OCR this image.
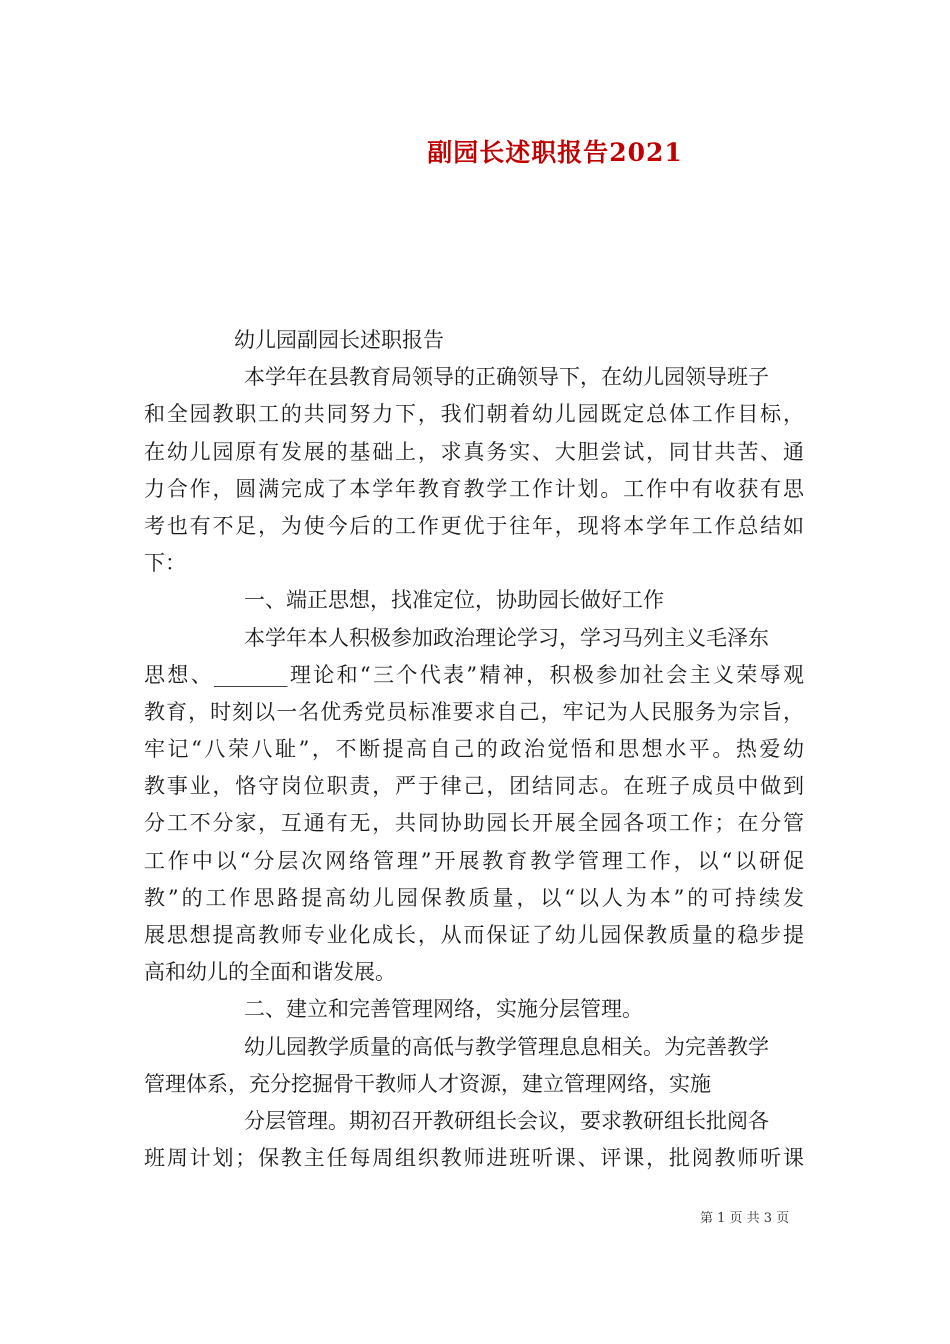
副园长述职报告2021
幼儿园副园长述职报告
本学年在县教育局领导的正确领导下，在幼儿园领导班子
和全园教职工的共同努力下，我们朝着幼儿园既定总体工作目标，
在幼儿园原有发展的基础上，求真务实、大胆尝试，同甘共苦、通
力合作，圆满完成了本学年教育教学工作计划。工作中有收获有思
考也有不足，为使今后的工作更优于往年，现将本学年工作总结如
下：
一、端正思想，找准定位，协助园长做好工作
本学年本人积极参加政治理论学习，学习马列主义毛泽东
思想、_______理论和“三个代表”精神，积极参加社会主义荣辱观
教育，时刻以一名优秀党员标准要求自己，牢记为人民服务为宗旨，
牢记“八荣八耻”，不断提高自己的政治觉悟和思想水平。热爱幼
教事业，恪守岗位职责，严于律己，团结同志。在班子成员中做到
分工不分家，互通有无，共同协助园长开展全园各项工作；在分管
工作中以“分层次网络管理”开展教育教学管理工作，以“以研促
教”的工作思路提高幼儿园保教质量，以“以人为本”的可持续发
展思想提高教师专业化成长，从而保证了幼儿园保教质量的稳步提
高和幼儿的全面和谐发展。
二、建立和完善管理网络，实施分层管理。
幼儿园教学质量的高低与教学管理息息相关。为完善教学
管理体系，充分挖掘骨干教师人才资源，建立管理网络，实施
分层管理。期初召开教研组长会议，要求教研组长批阅各
班周计划；保教主任每周组织教师进班听课、评课，批阅教师听课
第 1 页 共 3 页
